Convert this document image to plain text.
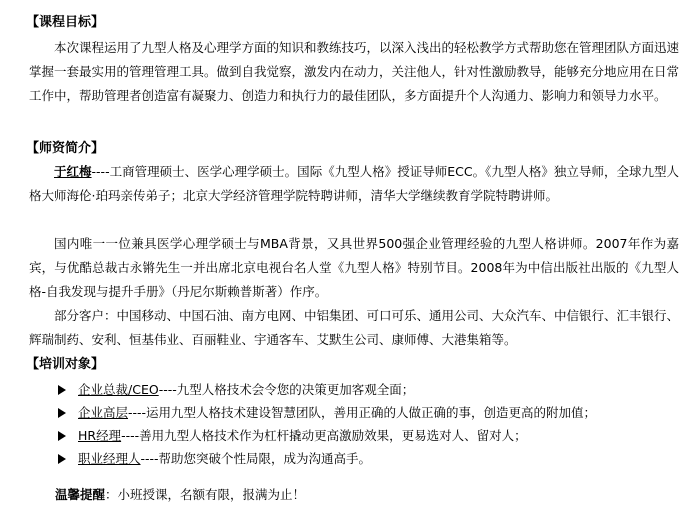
【课程目标】

本次课程运用了九型人格及心理学方面的知识和教练技巧，以深入浅出的轻松教学方式帮助您在管理团队方面迅速掌握一套最实用的管理管理工具。做到自我觉察，激发内在动力，关注他人，针对性激励教导，能够充分地应用在日常工作中，帮助管理者创造富有凝聚力、创造力和执行力的最佳团队，多方面提升个人沟通力、影响力和领导力水平。

【师资简介】

于红梅----工商管理硕士、医学心理学硕士。国际《九型人格》授证导师ECC。《九型人格》独立导师，全球九型人格大师海伦·珀玛亲传弟子；北京大学经济管理学院特聘讲师，清华大学继续教育学院特聘讲师。

国内唯一一位兼具医学心理学硕士与MBA背景，又具世界500强企业管理经验的九型人格讲师。2007年作为嘉宾，与优酷总裁古永锵先生一并出席北京电视台名人堂《九型人格》特别节目。2008年为中信出版社出版的《九型人格-自我发现与提升手册》（丹尼尔斯赖普斯著）作序。

部分客户：中国移动、中国石油、南方电网、中铝集团、可口可乐、通用公司、大众汽车、中信银行、汇丰银行、辉瑞制药、安利、恒基伟业、百丽鞋业、宇通客车、艾默生公司、康师傅、大港集箱等。

【培训对象】
企业总裁/CEO ----九型人格技术会令您的决策更加客观全面；
企业高层 ----运用九型人格技术建设智慧团队，善用正确的人做正确的事，创造更高的附加值；
HR经理 ----善用九型人格技术作为杠杆撬动更高激励效果，更易选对人、留对人；
职业经理人 ----帮助您突破个性局限，成为沟通高手。
温馨提醒：小班授课，名额有限，报满为止！
